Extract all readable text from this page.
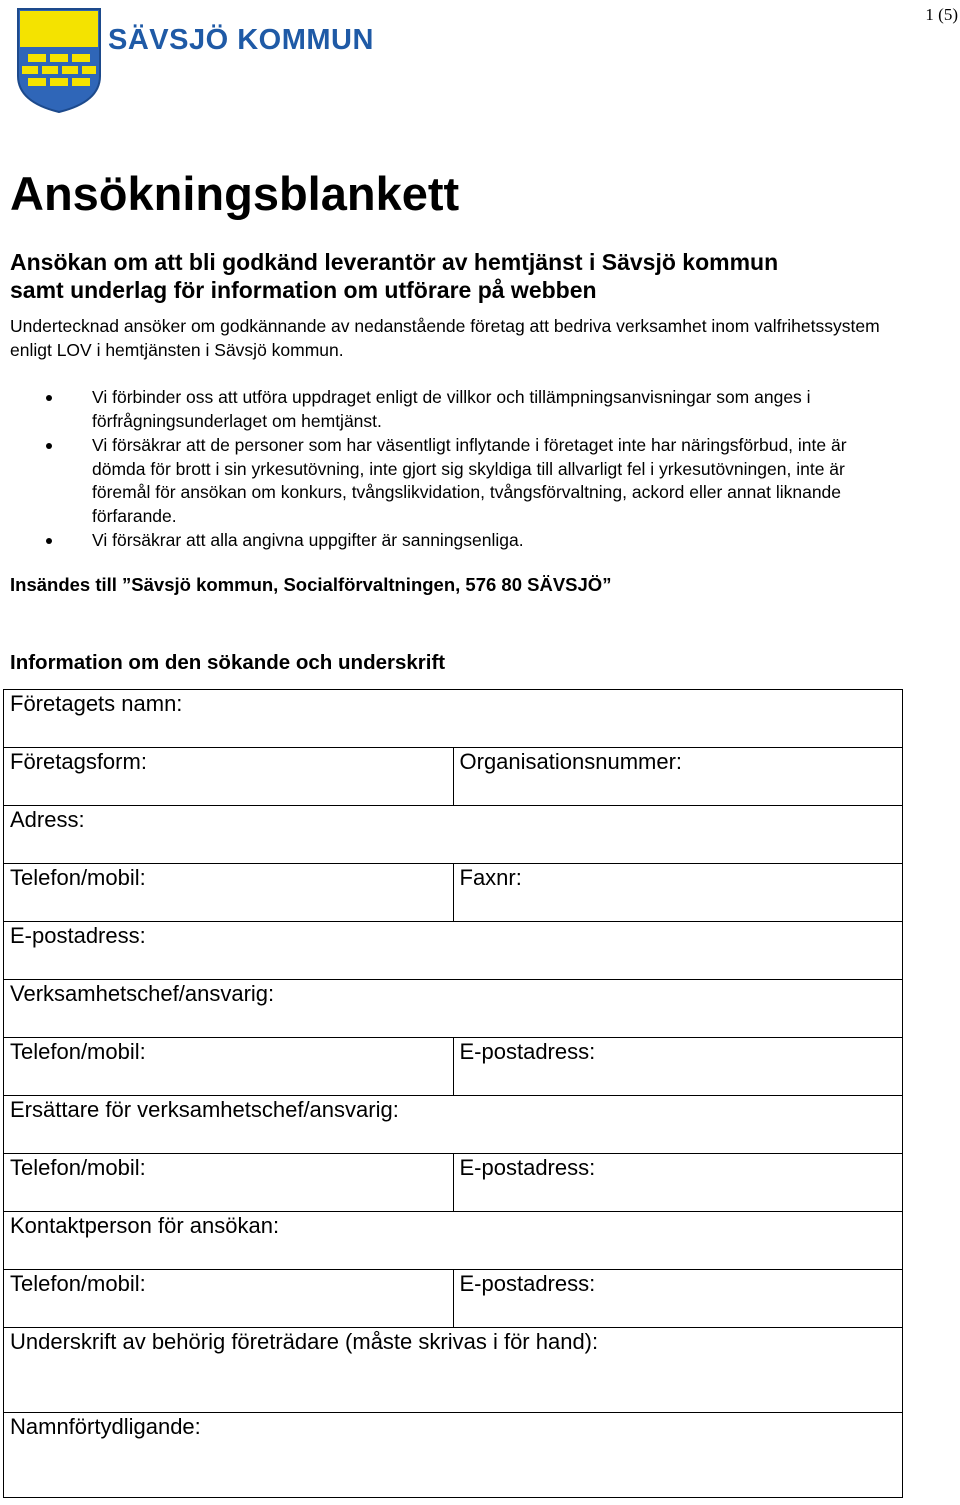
1 (5)
SÄVSJÖ KOMMUN
Ansökningsblankett
Ansökan om att bli godkänd leverantör av hemtjänst i Sävsjö kommun
samt underlag för information om utförare på webben

Undertecknad ansöker om godkännande av nedanstående företag att bedriva verksamhet inom valfrihetssystem enligt LOV i hemtjänsten i Sävsjö kommun.

Vi förbinder oss att utföra uppdraget enligt de villkor och tillämpningsanvisningar som anges i förfrågningsunderlaget om hemtjänst.
Vi försäkrar att de personer som har väsentligt inflytande i företaget inte har näringsförbud, inte är dömda för brott i sin yrkesutövning, inte gjort sig skyldiga till allvarligt fel i yrkesutövningen, inte är föremål för ansökan om konkurs, tvångslikvidation, tvångsförvaltning, ackord eller annat liknande förfarande.
Vi försäkrar att alla angivna uppgifter är sanningsenliga.

Insändes till ”Sävsjö kommun, Socialförvaltningen, 576 80 SÄVSJÖ”

Information om den sökande och underskrift
Företagets namn:	
Företagsform:	Organisationsnummer:
Adress:	
Telefon/mobil:	Faxnr:
E-postadress:	
Verksamhetschef/ansvarig:	
Telefon/mobil:	E-postadress:
Ersättare för verksamhetschef/ansvarig:	
Telefon/mobil:	E-postadress:
Kontaktperson för ansökan:	
Telefon/mobil:	E-postadress:
Underskrift av behörig företrädare (måste skrivas i för hand):	
Namnförtydligande:	
